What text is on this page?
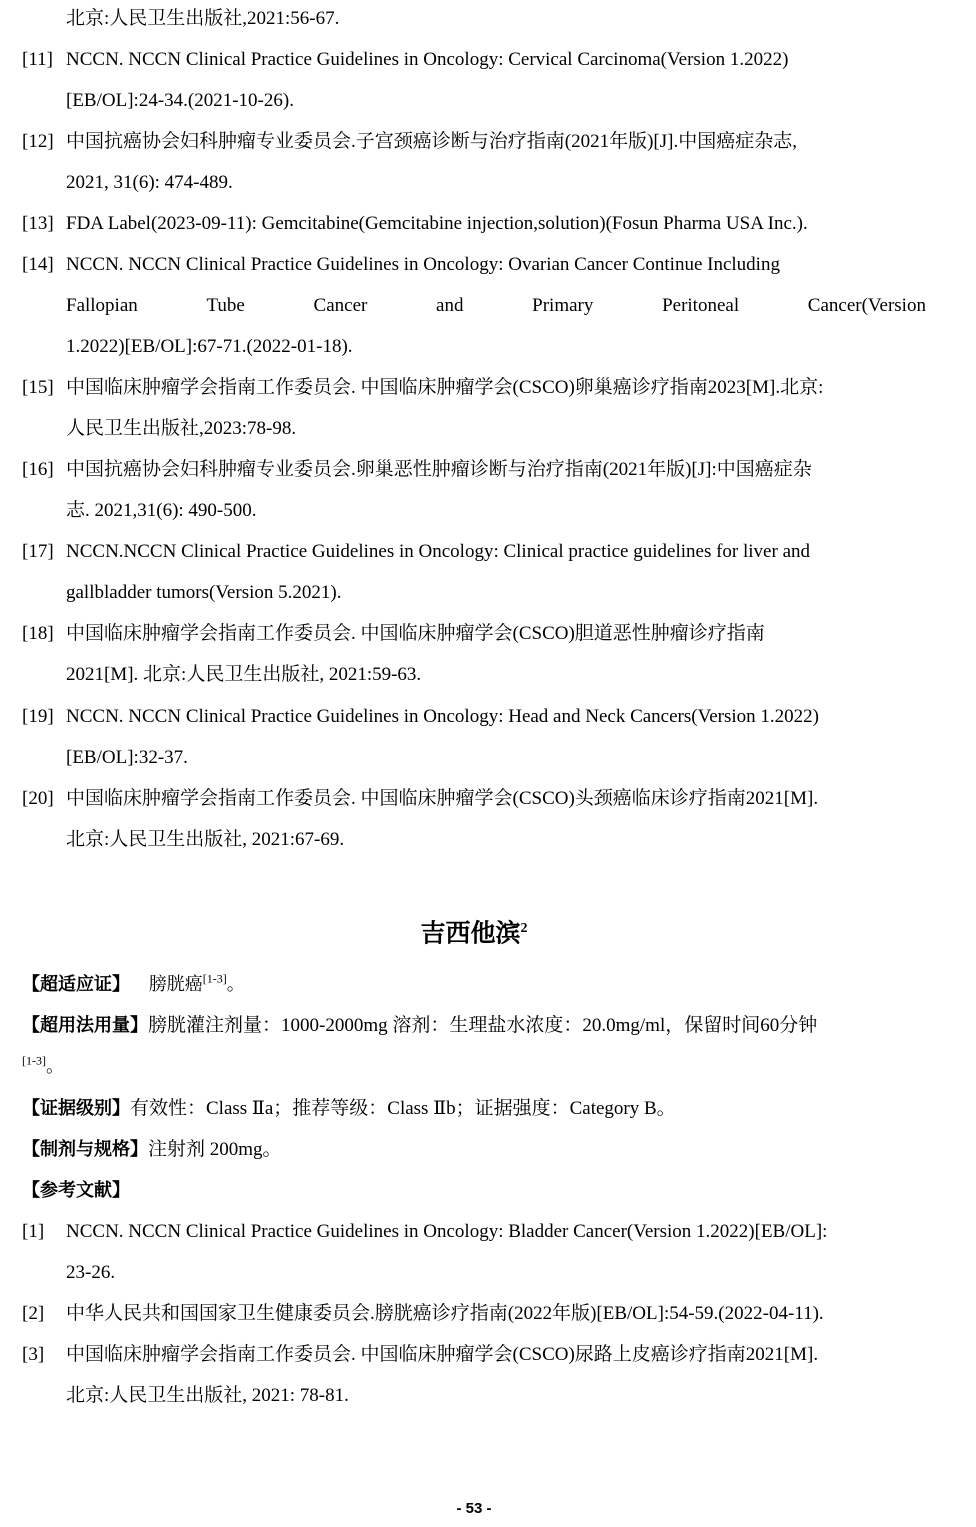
北京:人民卫生出版社,2021:56-67.
[11] NCCN. NCCN Clinical Practice Guidelines in Oncology: Cervical Carcinoma(Version 1.2022)
[EB/OL]:24-34.(2021-10-26).
[12] 中国抗癌协会妇科肿瘤专业委员会.子宫颈癌诊断与治疗指南(2021年版)[J].中国癌症杂志,
2021, 31(6): 474-489.
[13] FDA Label(2023-09-11): Gemcitabine(Gemcitabine injection,solution)(Fosun Pharma USA Inc.).
[14] NCCN. NCCN Clinical Practice Guidelines in Oncology: Ovarian Cancer Continue Including
Fallopian	Tube	Cancer	and	Primary	Peritoneal	Cancer(Version
1.2022)[EB/OL]:67-71.(2022-01-18).
[15] 中国临床肿瘤学会指南工作委员会. 中国临床肿瘤学会(CSCO)卵巢癌诊疗指南2023[M].北京:
人民卫生出版社,2023:78-98.
[16] 中国抗癌协会妇科肿瘤专业委员会.卵巢恶性肿瘤诊断与治疗指南(2021年版)[J]:中国癌症杂
志. 2021,31(6): 490-500.
[17] NCCN.NCCN Clinical Practice Guidelines in Oncology: Clinical practice guidelines for liver and
gallbladder tumors(Version 5.2021).
[18] 中国临床肿瘤学会指南工作委员会. 中国临床肿瘤学会(CSCO)胆道恶性肿瘤诊疗指南
2021[M]. 北京:人民卫生出版社, 2021:59-63.
[19] NCCN. NCCN Clinical Practice Guidelines in Oncology: Head and Neck Cancers(Version 1.2022)
[EB/OL]:32-37.
[20] 中国临床肿瘤学会指南工作委员会. 中国临床肿瘤学会(CSCO)头颈癌临床诊疗指南2021[M].
北京:人民卫生出版社, 2021:67-69.
吉西他滨$^2$
【超适应证】 膀胱癌[1-3]。
【超用法用量】膀胱灌注剂量：1000-2000mg 溶剂：生理盐水浓度：20.0mg/ml，保留时间60分钟
[1-3]。
【证据级别】有效性：Class Ⅱa；推荐等级：Class Ⅱb；证据强度：Category B。
【制剂与规格】注射剂 200mg。
【参考文献】
[1] NCCN. NCCN Clinical Practice Guidelines in Oncology: Bladder Cancer(Version 1.2022)[EB/OL]:
23-26.
[2] 中华人民共和国国家卫生健康委员会.膀胱癌诊疗指南(2022年版)[EB/OL]:54-59.(2022-04-11).
[3] 中国临床肿瘤学会指南工作委员会. 中国临床肿瘤学会(CSCO)尿路上皮癌诊疗指南2021[M].
北京:人民卫生出版社, 2021: 78-81.
- 53 -
